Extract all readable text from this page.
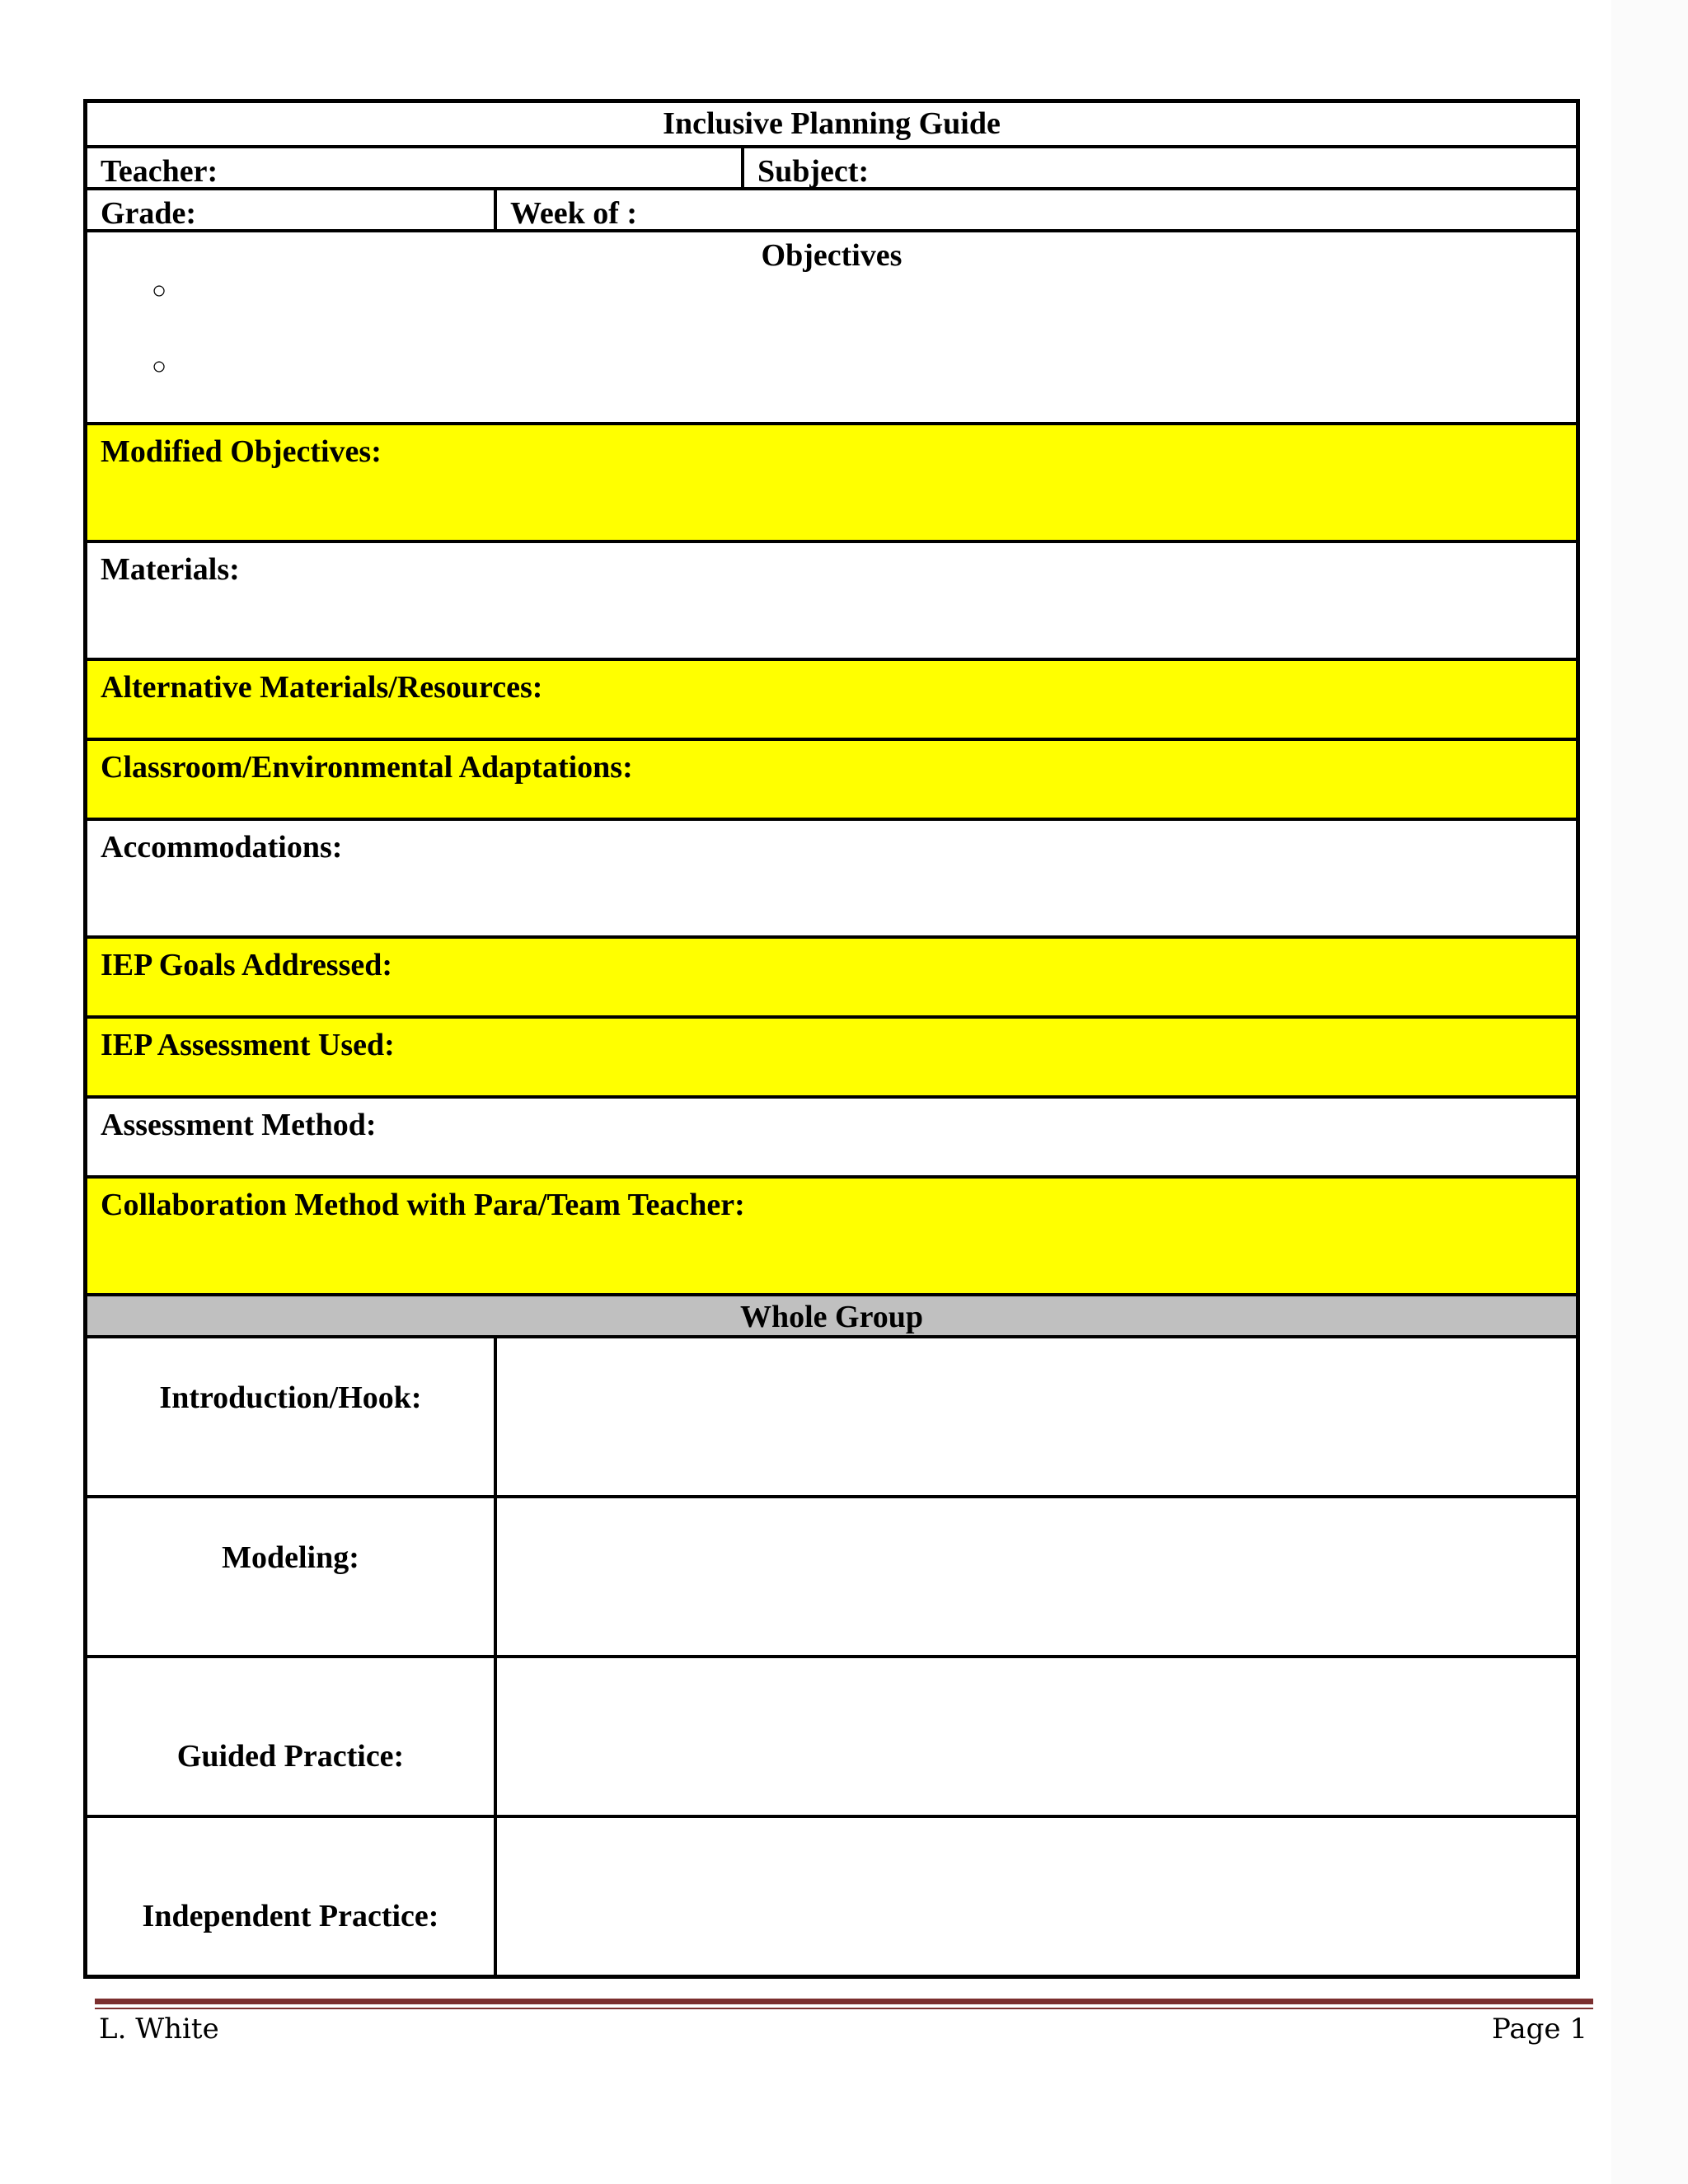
Inclusive Planning Guide
Teacher:	Subject:
Grade:	Week of :
Objectives
○
○
Modified Objectives:
Materials:
Alternative Materials/Resources:
Classroom/Environmental Adaptations:
Accommodations:
IEP Goals Addressed:
IEP Assessment Used:
Assessment Method:
Collaboration Method with Para/Team Teacher:
Whole Group
Introduction/Hook:
Modeling:
Guided Practice:
Independent Practice:
L. White	Page 1
